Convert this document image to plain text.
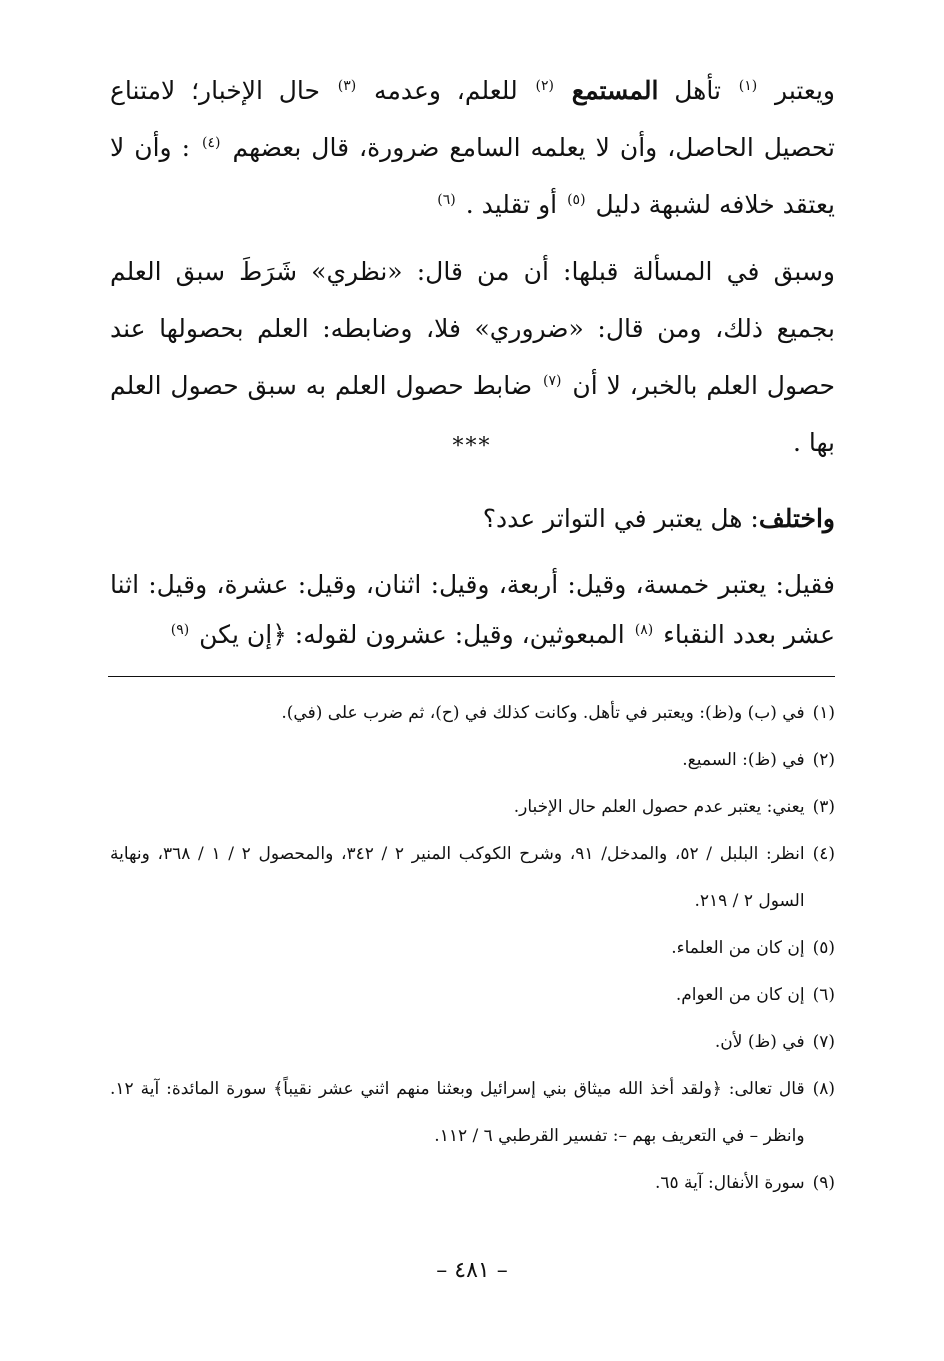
ويعتبر $^{(١)}$ تأهل المستمع $^{(٢)}$ للعلم، وعدمه $^{(٣)}$ حال الإخبار؛ لامتناع تحصيل الحاصل، وأن لا يعلمه السامع ضرورة، قال بعضهم $^{(٤)}$ : وأن لا يعتقد خلافه لشبهة دليل $^{(٥)}$ أو تقليد . $^{(٦)}$

وسبق في المسألة قبلها: أن من قال: «نظري» شَرَطَ سبق العلم بجميع ذلك، ومن قال: «ضروري» فلا، وضابطه: العلم بحصولها عند حصول العلم بالخبر، لا أن $^{(٧)}$ ضابط حصول العلم به سبق حصول العلم بها .

***
واختلف: هل يعتبر في التواتر عدد؟
فقيل: يعتبر خمسة، وقيل: أربعة، وقيل: اثنان، وقيل: عشرة، وقيل: اثنا عشر بعدد النقباء $^{(٨)}$ المبعوثين، وقيل: عشرون لقوله: ﴿إن يكن $^{(٩)}$
(١)
في (ب) و(ظ): ويعتبر في تأهل. وكانت كذلك في (ح)، ثم ضرب على (في).
(٢)
في (ظ): السميع.
(٣)
يعني: يعتبر عدم حصول العلم حال الإخبار.
(٤)
انظر: البلبل / ٥٢، والمدخل/ ٩١، وشرح الكوكب المنير ٢ / ٣٤٢، والمحصول ٢ / ١ / ٣٦٨، ونهاية السول ٢ / ٢١٩.
(٥)
إن كان من العلماء.
(٦)
إن كان من العوام.
(٧)
في (ظ) لأن.
(٨)
قال تعالى: ﴿ولقد أخذ الله ميثاق بني إسرائيل وبعثنا منهم اثني عشر نقيباً﴾ سورة المائدة: آية ١٢. وانظر – في التعريف بهم –: تفسير القرطبي ٦ / ١١٢.
(٩)
سورة الأنفال: آية ٦٥.
– ٤٨١ –
